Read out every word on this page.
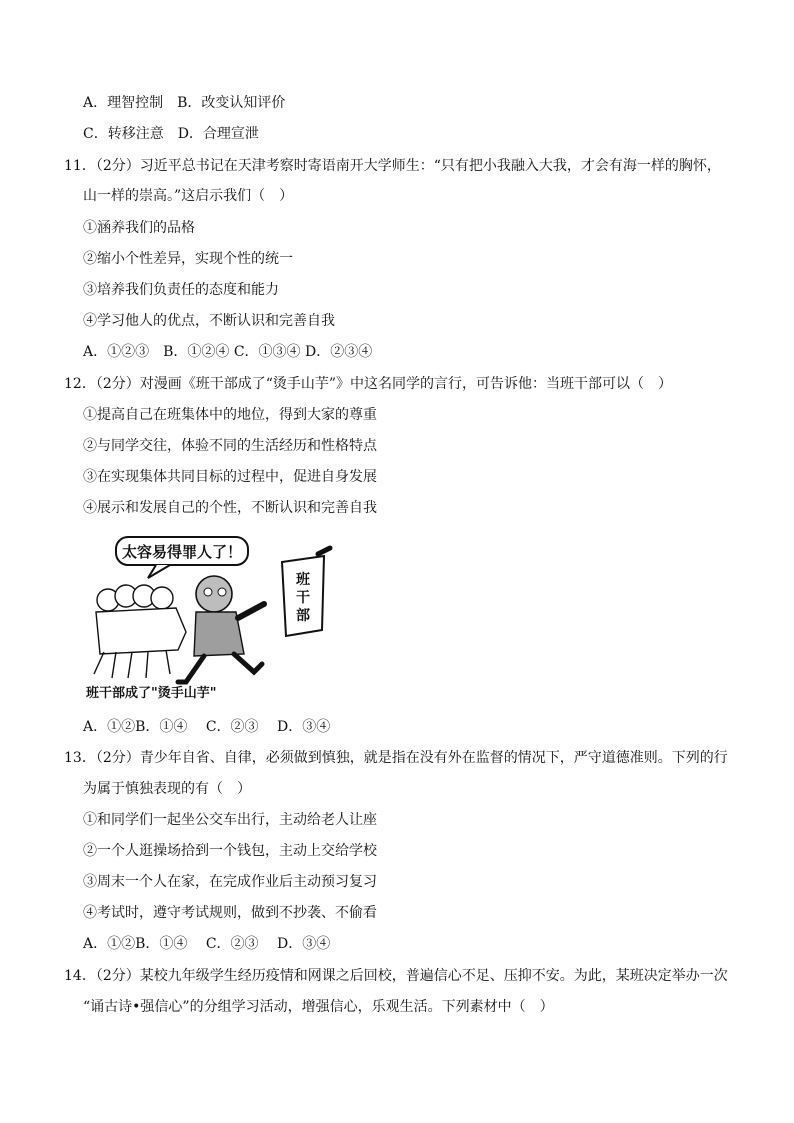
A．理智控制　B．改变认知评价
C．转移注意　D．合理宣泄
11．（2分）习近平总书记在天津考察时寄语南开大学师生：“只有把小我融入大我，才会有海一样的胸怀，
山一样的崇高。”这启示我们（　）
①涵养我们的品格
②缩小个性差异，实现个性的统一
③培养我们负责任的态度和能力
④学习他人的优点，不断认识和完善自我
A．①②③　B．①②④ C．①③④ D．②③④
12．（2分）对漫画《班干部成了“烫手山芋”》中这名同学的言行，可告诉他：当班干部可以（　）
①提高自己在班集体中的地位，得到大家的尊重
②与同学交往，体验不同的生活经历和性格特点
③在实现集体共同目标的过程中，促进自身发展
④展示和发展自己的个性，不断认识和完善自我
太容易得罪人了！
班干部
班干部成了"烫手山芋"
A．①②B．①④　 C．②③　 D．③④
13．（2分）青少年自省、自律，必须做到慎独，就是指在没有外在监督的情况下，严守道德准则。下列的行
为属于慎独表现的有（　）
①和同学们一起坐公交车出行，主动给老人让座
②一个人逛操场拾到一个钱包，主动上交给学校
③周末一个人在家，在完成作业后主动预习复习
④考试时，遵守考试规则，做到不抄袭、不偷看
A．①②B．①④　 C．②③　 D．③④
14．（2分）某校九年级学生经历疫情和网课之后回校，普遍信心不足、压抑不安。为此，某班决定举办一次
“诵古诗•强信心”的分组学习活动，增强信心，乐观生活。下列素材中（　）
